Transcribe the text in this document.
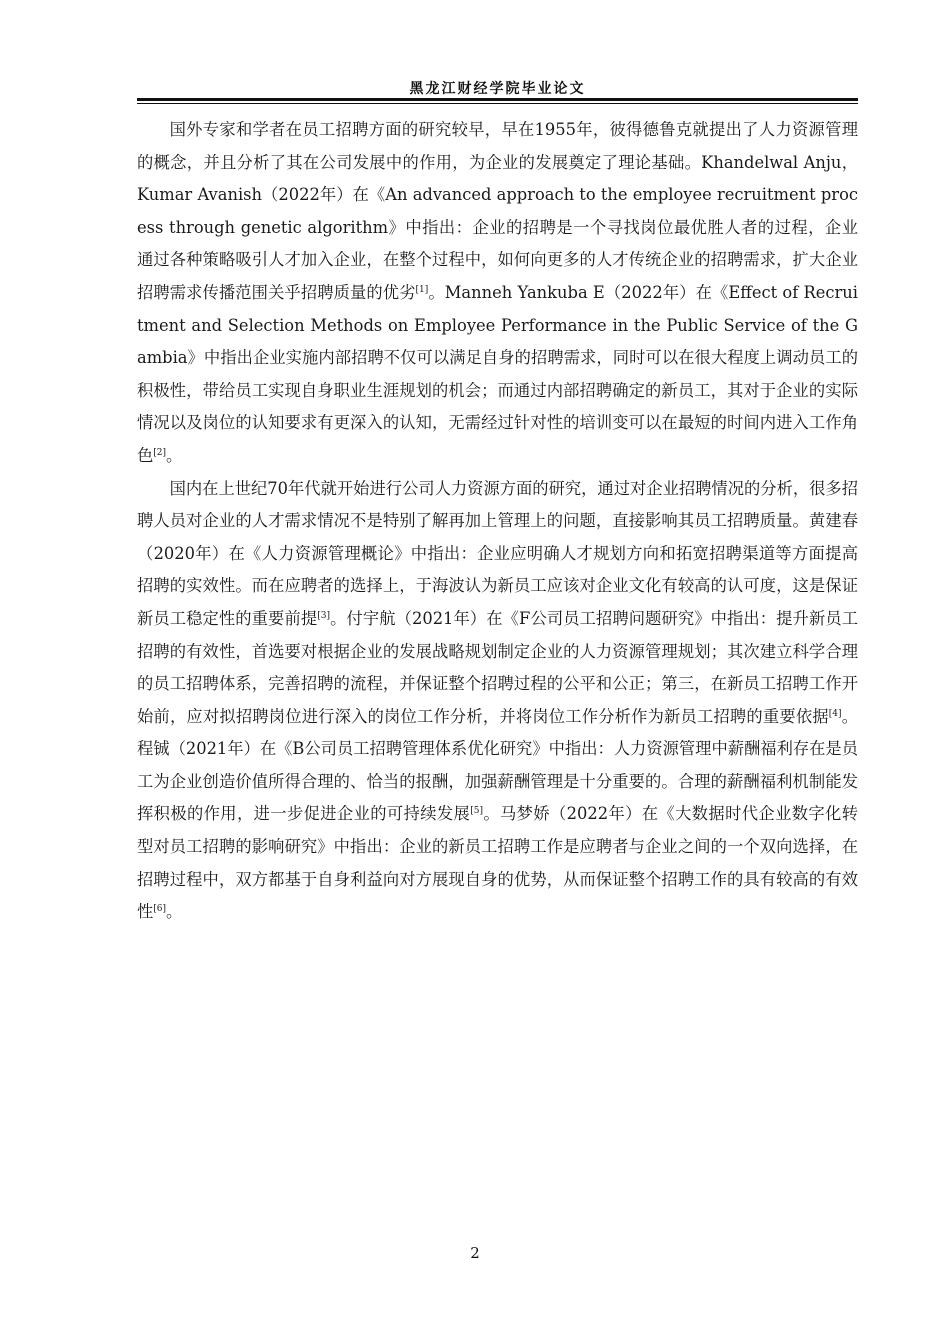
黑龙江财经学院毕业论文

国外专家和学者在员工招聘方面的研究较早，早在1955年，彼得德鲁克就提出了人力资源管理的概念，并且分析了其在公司发展中的作用，为企业的发展奠定了理论基础。Khandelwal Anju，Kumar Avanish（2022年）在《An advanced approach to the employee recruitment process through genetic algorithm》中指出：企业的招聘是一个寻找岗位最优胜人者的过程，企业通过各种策略吸引人才加入企业，在整个过程中，如何向更多的人才传统企业的招聘需求，扩大企业招聘需求传播范围关乎招聘质量的优劣[1]。Manneh Yankuba E（2022年）在《Effect of Recruitment and Selection Methods on Employee Performance in the Public Service of the Gambia》中指出企业实施内部招聘不仅可以满足自身的招聘需求，同时可以在很大程度上调动员工的积极性，带给员工实现自身职业生涯规划的机会；而通过内部招聘确定的新员工，其对于企业的实际情况以及岗位的认知要求有更深入的认知，无需经过针对性的培训变可以在最短的时间内进入工作角色[2]。

国内在上世纪70年代就开始进行公司人力资源方面的研究，通过对企业招聘情况的分析，很多招聘人员对企业的人才需求情况不是特别了解再加上管理上的问题，直接影响其员工招聘质量。黄建春（2020年）在《人力资源管理概论》中指出：企业应明确人才规划方向和拓宽招聘渠道等方面提高招聘的实效性。而在应聘者的选择上，于海波认为新员工应该对企业文化有较高的认可度，这是保证新员工稳定性的重要前提[3]。付宇航（2021年）在《F公司员工招聘问题研究》中指出：提升新员工招聘的有效性，首选要对根据企业的发展战略规划制定企业的人力资源管理规划；其次建立科学合理的员工招聘体系，完善招聘的流程，并保证整个招聘过程的公平和公正；第三，在新员工招聘工作开始前，应对拟招聘岗位进行深入的岗位工作分析，并将岗位工作分析作为新员工招聘的重要依据[4]。程铖（2021年）在《B公司员工招聘管理体系优化研究》中指出：人力资源管理中薪酬福利存在是员工为企业创造价值所得合理的、恰当的报酬，加强薪酬管理是十分重要的。合理的薪酬福利机制能发挥积极的作用，进一步促进企业的可持续发展[5]。马梦娇（2022年）在《大数据时代企业数字化转型对员工招聘的影响研究》中指出：企业的新员工招聘工作是应聘者与企业之间的一个双向选择，在招聘过程中，双方都基于自身利益向对方展现自身的优势，从而保证整个招聘工作的具有较高的有效性[6]。

2
